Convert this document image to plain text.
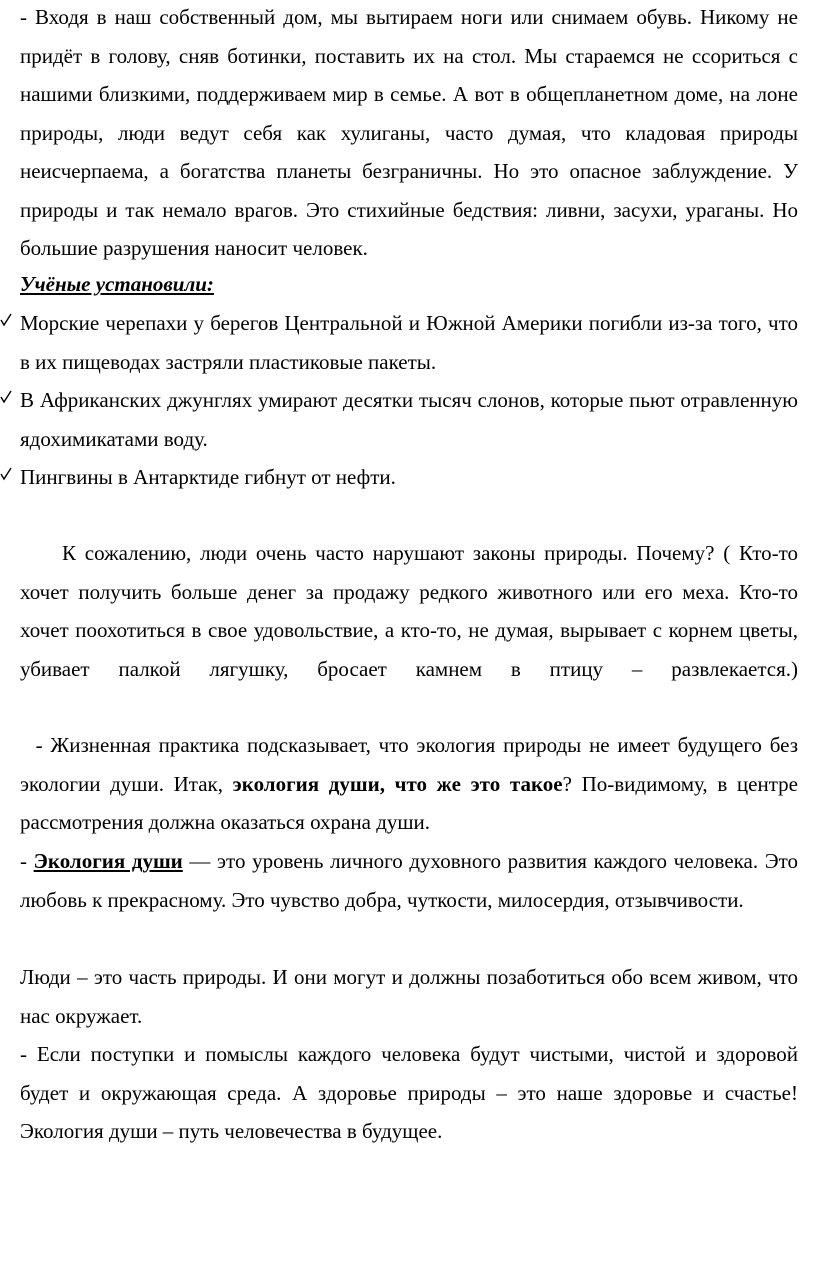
- Входя в наш собственный дом, мы вытираем ноги или снимаем обувь. Никому не придёт в голову, сняв ботинки, поставить их на стол. Мы стараемся не ссориться с нашими близкими, поддерживаем мир в семье. А вот в общепланетном доме, на лоне природы, люди ведут себя как хулиганы, часто думая, что кладовая природы неисчерпаема, а богатства планеты безграничны. Но это опасное заблуждение. У природы и так немало врагов. Это стихийные бедствия: ливни, засухи, ураганы. Но большие разрушения наносит человек.

Учёные установили:

Морские черепахи у берегов Центральной и Южной Америки погибли из-за того, что в их пищеводах застряли пластиковые пакеты.

В Африканских джунглях умирают десятки тысяч слонов, которые пьют отравленную ядохимикатами воду.

Пингвины в Антарктиде гибнут от нефти.

К сожалению, люди очень часто нарушают законы природы. Почему? ( Кто-то хочет получить больше денег за продажу редкого животного или его меха. Кто-то хочет поохотиться в свое удовольствие, а кто-то, не думая, вырывает с корнем цветы, убивает палкой лягушку, бросает камнем в птицу – развлекается.)

- Жизненная практика подсказывает, что экология природы не имеет будущего без экологии души. Итак, экология души, что же это такое? По-видимому, в центре рассмотрения должна оказаться охрана души.

- Экология души — это уровень личного духовного развития каждого человека. Это любовь к прекрасному. Это чувство добра, чуткости, милосердия, отзывчивости.

Люди – это часть природы. И они могут и должны позаботиться обо всем живом, что нас окружает.

- Если поступки и помыслы каждого человека будут чистыми, чистой и здоровой будет и окружающая среда. А здоровье природы – это наше здоровье и счастье! Экология души – путь человечества в будущее.
